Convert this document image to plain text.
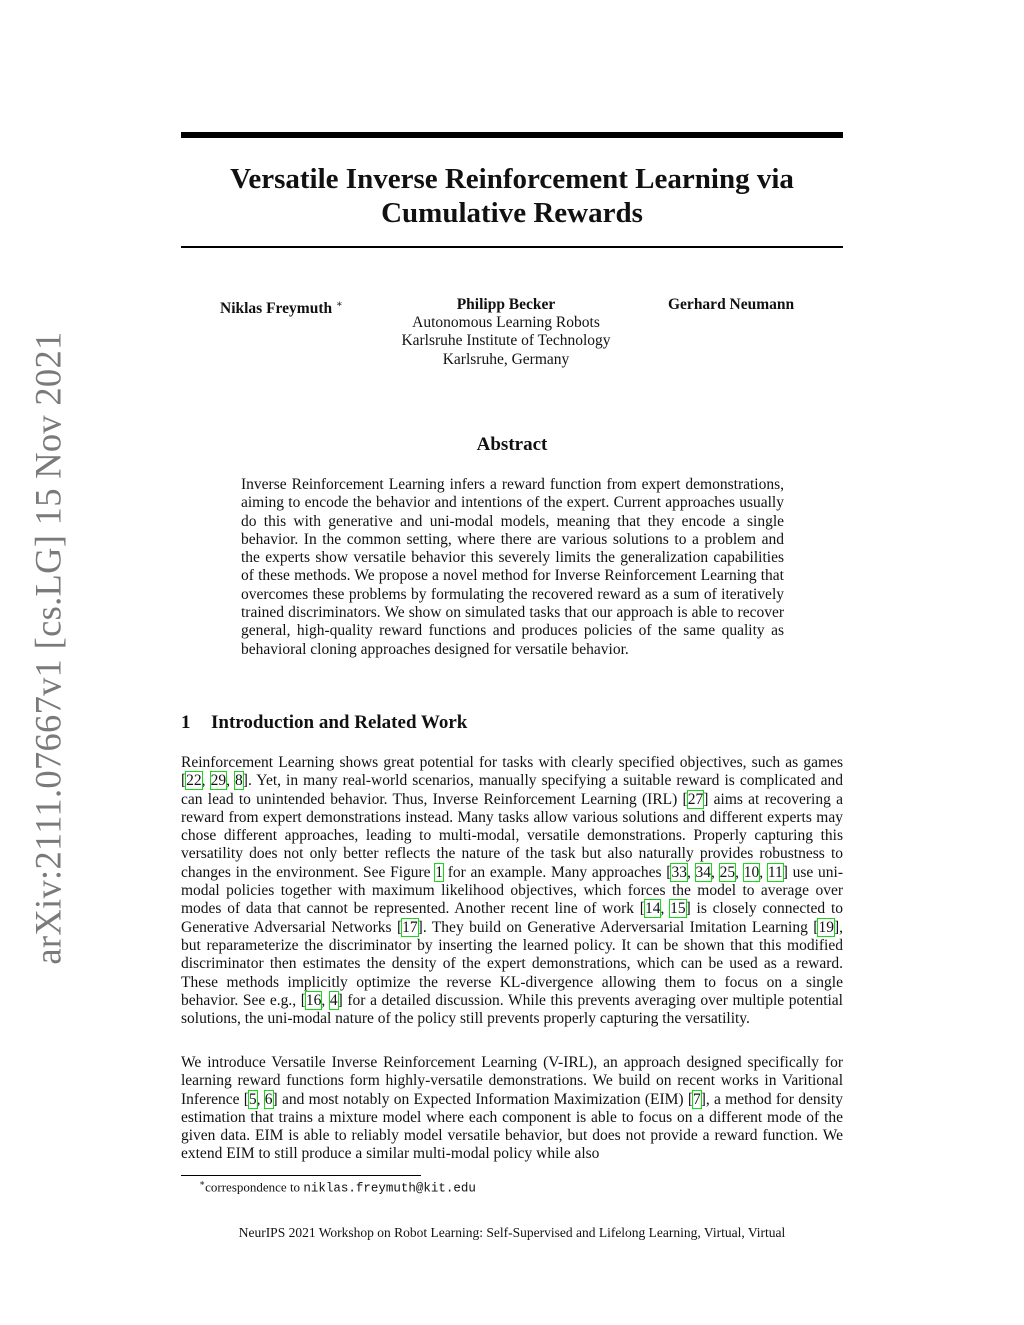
arXiv:2111.07667v1 [cs.LG] 15 Nov 2021
Versatile Inverse Reinforcement Learning via Cumulative Rewards
Niklas Freymuth ∗	Philipp Becker	Gerhard Neumann
Autonomous Learning Robots
Karlsruhe Institute of Technology
Karlsruhe, Germany
Abstract
Inverse Reinforcement Learning infers a reward function from expert demonstrations, aiming to encode the behavior and intentions of the expert. Current approaches usually do this with generative and uni-modal models, meaning that they encode a single behavior. In the common setting, where there are various solutions to a problem and the experts show versatile behavior this severely limits the generalization capabilities of these methods. We propose a novel method for Inverse Reinforcement Learning that overcomes these problems by formulating the recovered reward as a sum of iteratively trained discriminators. We show on simulated tasks that our approach is able to recover general, high-quality reward functions and produces policies of the same quality as behavioral cloning approaches designed for versatile behavior.
1 Introduction and Related Work
Reinforcement Learning shows great potential for tasks with clearly specified objectives, such as games [22, 29, 8]. Yet, in many real-world scenarios, manually specifying a suitable reward is complicated and can lead to unintended behavior. Thus, Inverse Reinforcement Learning (IRL) [27] aims at recovering a reward from expert demonstrations instead. Many tasks allow various solutions and different experts may chose different approaches, leading to multi-modal, versatile demonstrations. Properly capturing this versatility does not only better reflects the nature of the task but also naturally provides robustness to changes in the environment. See Figure 1 for an example. Many approaches [33, 34, 25, 10, 11] use uni-modal policies together with maximum likelihood objectives, which forces the model to average over modes of data that cannot be represented. Another recent line of work [14, 15] is closely connected to Generative Adversarial Networks [17]. They build on Generative Aderversarial Imitation Learning [19], but reparameterize the discriminator by inserting the learned policy. It can be shown that this modified discriminator then estimates the density of the expert demonstrations, which can be used as a reward. These methods implicitly optimize the reverse KL-divergence allowing them to focus on a single behavior. See e.g., [16, 4] for a detailed discussion. While this prevents averaging over multiple potential solutions, the uni-modal nature of the policy still prevents properly capturing the versatility.
We introduce Versatile Inverse Reinforcement Learning (V-IRL), an approach designed specifically for learning reward functions form highly-versatile demonstrations. We build on recent works in Varitional Inference [5, 6] and most notably on Expected Information Maximization (EIM) [7], a method for density estimation that trains a mixture model where each component is able to focus on a different mode of the given data. EIM is able to reliably model versatile behavior, but does not provide a reward function. We extend EIM to still produce a similar multi-modal policy while also
∗correspondence to niklas.freymuth@kit.edu
NeurIPS 2021 Workshop on Robot Learning: Self-Supervised and Lifelong Learning, Virtual, Virtual
